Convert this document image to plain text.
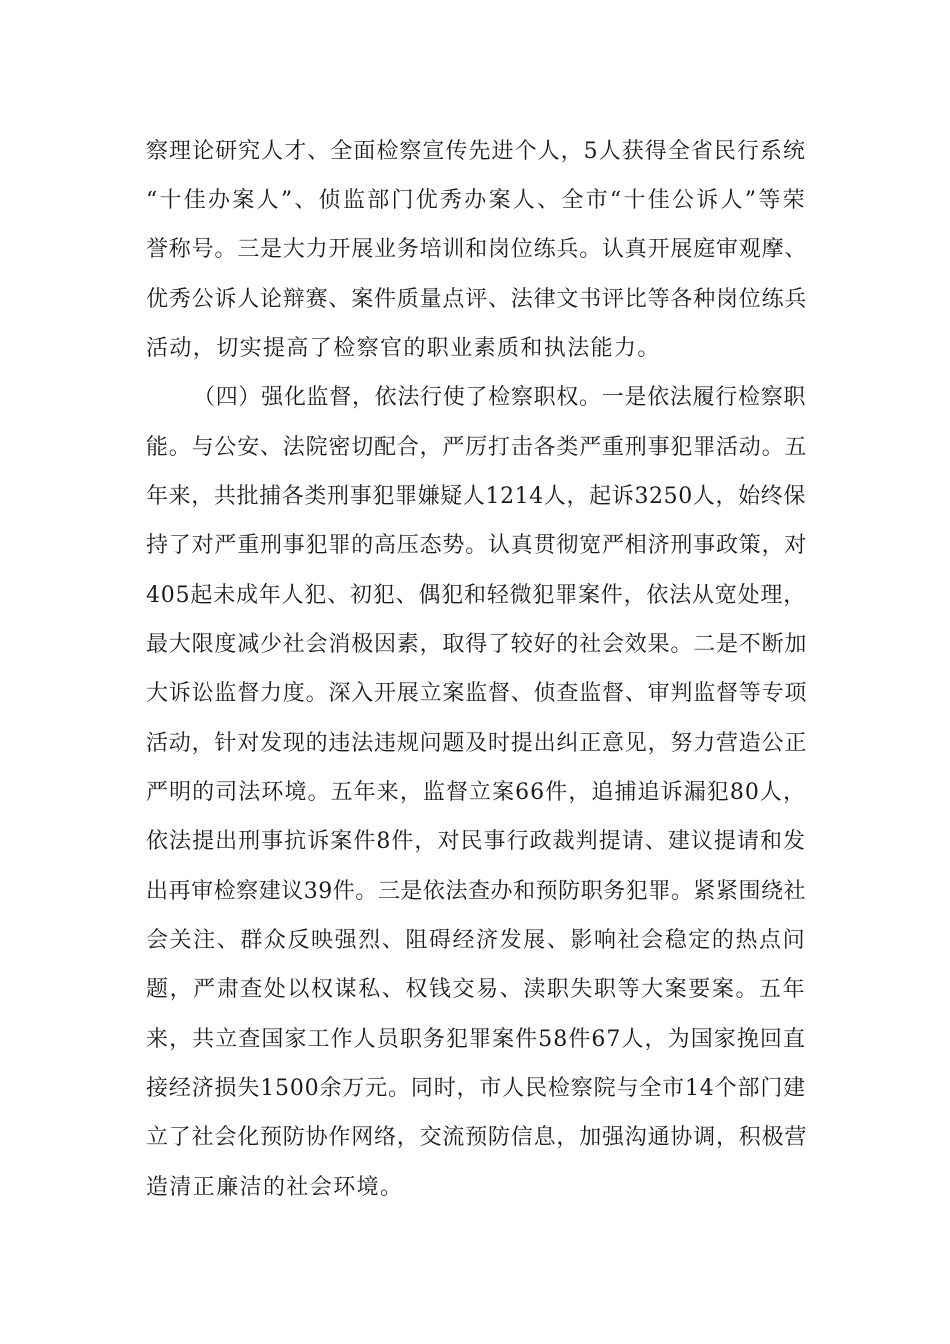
察理论研究人才、全面检察宣传先进个人，5人获得全省民行系统
“十佳办案人”、侦监部门优秀办案人、全市“十佳公诉人”等荣
誉称号。三是大力开展业务培训和岗位练兵。认真开展庭审观摩、
优秀公诉人论辩赛、案件质量点评、法律文书评比等各种岗位练兵
活动，切实提高了检察官的职业素质和执法能力。
（四）强化监督，依法行使了检察职权。一是依法履行检察职
能。与公安、法院密切配合，严厉打击各类严重刑事犯罪活动。五
年来，共批捕各类刑事犯罪嫌疑人1214人，起诉3250人，始终保
持了对严重刑事犯罪的高压态势。认真贯彻宽严相济刑事政策，对
405起未成年人犯、初犯、偶犯和轻微犯罪案件，依法从宽处理，
最大限度减少社会消极因素，取得了较好的社会效果。二是不断加
大诉讼监督力度。深入开展立案监督、侦查监督、审判监督等专项
活动，针对发现的违法违规问题及时提出纠正意见，努力营造公正
严明的司法环境。五年来，监督立案66件，追捕追诉漏犯80人，
依法提出刑事抗诉案件8件，对民事行政裁判提请、建议提请和发
出再审检察建议39件。三是依法查办和预防职务犯罪。紧紧围绕社
会关注、群众反映强烈、阻碍经济发展、影响社会稳定的热点问
题，严肃查处以权谋私、权钱交易、渎职失职等大案要案。五年
来，共立查国家工作人员职务犯罪案件58件67人，为国家挽回直
接经济损失1500余万元。同时，市人民检察院与全市14个部门建
立了社会化预防协作网络，交流预防信息，加强沟通协调，积极营
造清正廉洁的社会环境。
